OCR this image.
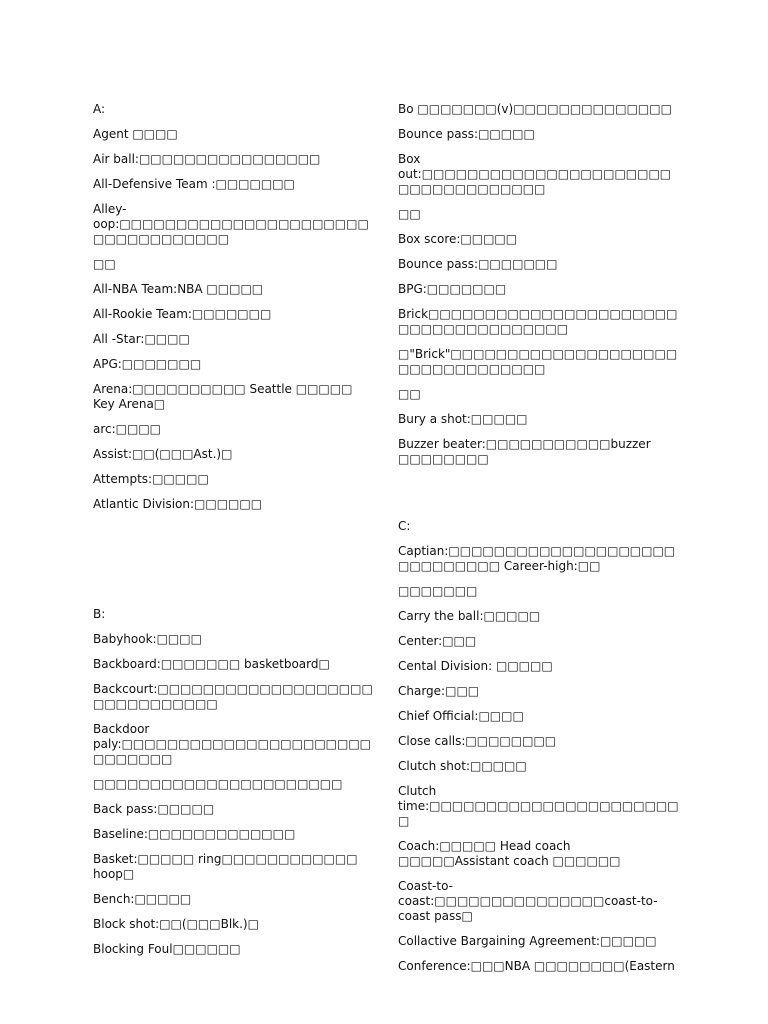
A:
Agent □□□□
Air ball:□□□□□□□□□□□□□□□□
All-Defensive Team :□□□□□□□
Alley-oop:□□□□□□□□□□□□□□□□□□□□□□□□□□□□□□□□□□
□□
All-NBA Team:NBA □□□□□
All-Rookie Team:□□□□□□□
All -Star:□□□□
APG:□□□□□□□
Arena:□□□□□□□□□□ Seattle □□□□□ Key Arena□
arc:□□□□
Assist:□□(□□□Ast.)□
Attempts:□□□□□
Atlantic Division:□□□□□□
B:
Babyhook:□□□□
Backboard:□□□□□□□ basketboard□
Backcourt:□□□□□□□□□□□□□□□□□□□□□□□□□□□□□□
Backdoor paly:□□□□□□□□□□□□□□□□□□□□□□□□□□□□□
□□□□□□□□□□□□□□□□□□□□□□
Back pass:□□□□□
Baseline:□□□□□□□□□□□□□
Basket:□□□□□ ring□□□□□□□□□□□□ hoop□
Bench:□□□□□
Block shot:□□(□□□Blk.)□
Blocking Foul□□□□□□
Bo □□□□□□□(v)□□□□□□□□□□□□□□
Bounce pass:□□□□□
Box out:□□□□□□□□□□□□□□□□□□□□□□□□□□□□□□□□□□□
□□
Box score:□□□□□
Bounce pass:□□□□□□□
BPG:□□□□□□□
Brick□□□□□□□□□□□□□□□□□□□□□□□□□□□□□□□□□□□□□
□"Brick"□□□□□□□□□□□□□□□□□□□□□□□□□□□□□□□□□
□□
Bury a shot:□□□□□
Buzzer beater:□□□□□□□□□□□buzzer □□□□□□□□
C:
Captian:□□□□□□□□□□□□□□□□□□□□□□□□□□□□□ Career-high:□□
□□□□□□□
Carry the ball:□□□□□
Center:□□□
Cental Division: □□□□□
Charge:□□□
Chief Official:□□□□
Close calls:□□□□□□□□
Clutch shot:□□□□□
Clutch time:□□□□□□□□□□□□□□□□□□□□□□□
Coach:□□□□□ Head coach □□□□□Assistant coach □□□□□□
Coast-to-coast:□□□□□□□□□□□□□□□coast-to-coast pass□
Collactive Bargaining Agreement:□□□□□
Conference:□□□NBA □□□□□□□□(Eastern
